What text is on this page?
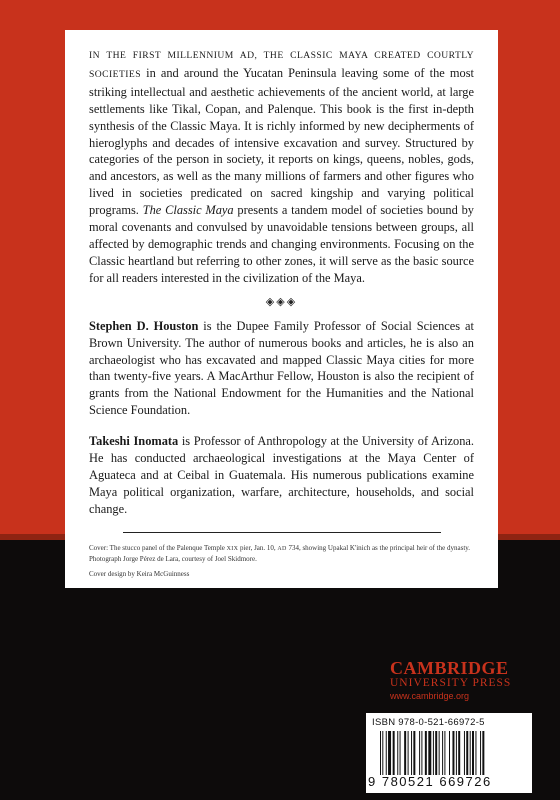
IN THE FIRST MILLENNIUM AD, THE CLASSIC MAYA CREATED COURTLY SOCIETIES in and around the Yucatan Peninsula leaving some of the most striking intellectual and aesthetic achievements of the ancient world, at large settlements like Tikal, Copan, and Palenque. This book is the first in-depth synthesis of the Classic Maya. It is richly informed by new decipherments of hieroglyphs and decades of intensive excavation and survey. Structured by categories of the person in society, it reports on kings, queens, nobles, gods, and ancestors, as well as the many millions of farmers and other figures who lived in societies predicated on sacred kingship and varying political programs. The Classic Maya presents a tandem model of societies bound by moral covenants and convulsed by unavoidable tensions between groups, all affected by demographic trends and changing environments. Focusing on the Classic heartland but referring to other zones, it will serve as the basic source for all readers interested in the civilization of the Maya.

◈◈◈

Stephen D. Houston is the Dupee Family Professor of Social Sciences at Brown University. The author of numerous books and articles, he is also an archaeologist who has excavated and mapped Classic Maya cities for more than twenty-five years. A MacArthur Fellow, Houston is also the recipient of grants from the National Endowment for the Humanities and the National Science Foundation.

Takeshi Inomata is Professor of Anthropology at the University of Arizona. He has conducted archaeological investigations at the Maya Center of Aguateca and at Ceibal in Guatemala. His numerous publications examine Maya political organization, warfare, architecture, households, and social change.

Cover: The stucco panel of the Palenque Temple XIX pier, Jan. 10, AD 734, showing Upakal K'inich as the principal heir of the dynasty. Photograph Jorge Pérez de Lara, courtesy of Joel Skidmore.

Cover design by Keira McGuinness

CAMBRIDGE
UNIVERSITY PRESS
www.cambridge.org
ISBN 978-0-521-66972-5
9 780521 669726
